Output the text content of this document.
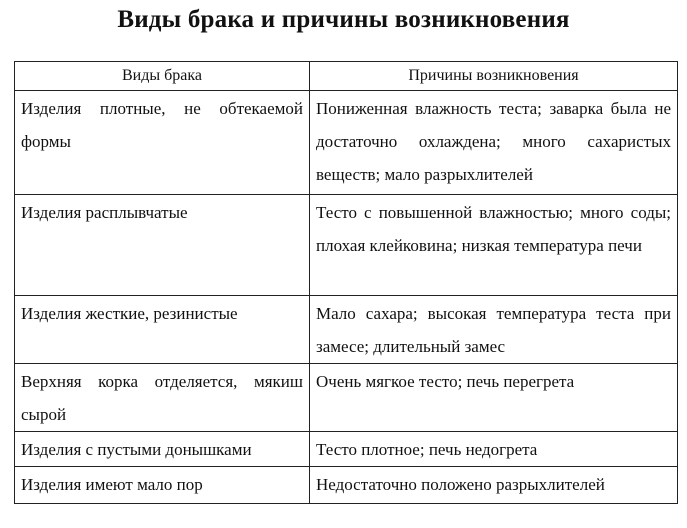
Виды брака и причины возникновения
Виды брака	Причины возникновения

Изделия плотные, не обтекаемой формы	Пониженная влажность теста; заварка была не достаточно охлаждена; много сахаристых веществ; мало разрыхлителей

Изделия расплывчатые	Тесто с повышенной влажностью; много соды; плохая клейковина; низкая температура печи

Изделия жесткие, резинистые	Мало сахара; высокая температура теста при замесе; длительный замес

Верхняя корка отделяется, мякиш сырой	Очень мягкое тесто; печь перегрета

Изделия с пустыми донышками	Тесто плотное; печь недогрета

Изделия имеют мало пор	Недостаточно положено разрыхлителей
